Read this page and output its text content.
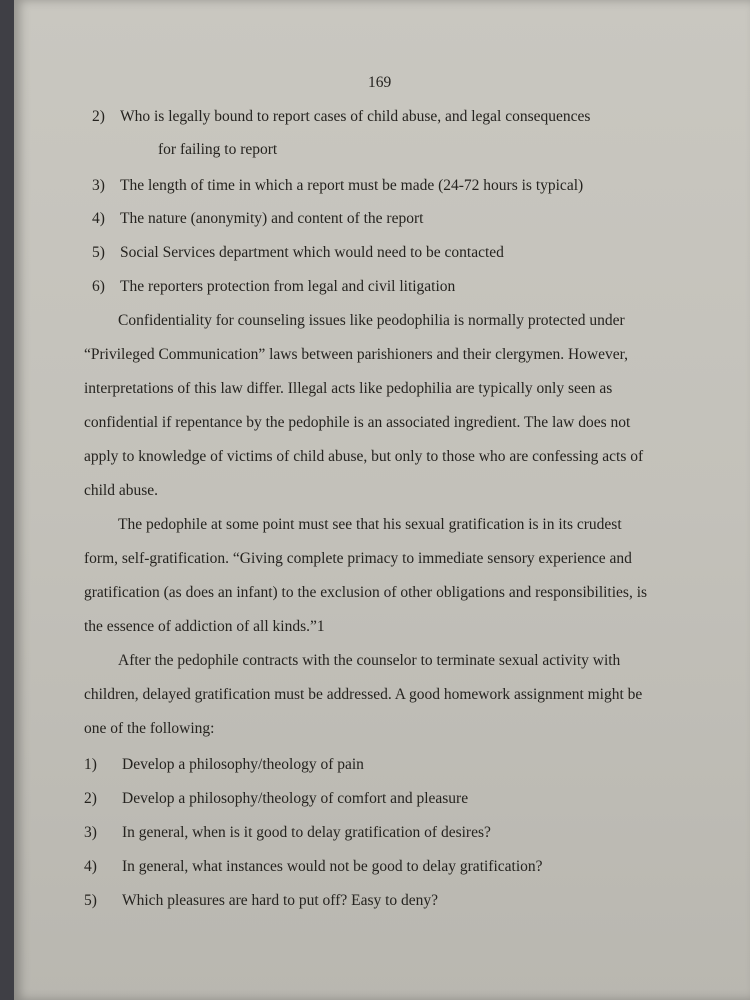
169
2) Who is legally bound to report cases of child abuse, and legal consequences
for failing to report
3) The length of time in which a report must be made (24-72 hours is typical)
4) The nature (anonymity) and content of the report
5) Social Services department which would need to be contacted
6) The reporters protection from legal and civil litigation
Confidentiality for counseling issues like peodophilia is normally protected under
“Privileged Communication” laws between parishioners and their clergymen. However,
interpretations of this law differ. Illegal acts like pedophilia are typically only seen as
confidential if repentance by the pedophile is an associated ingredient. The law does not
apply to knowledge of victims of child abuse, but only to those who are confessing acts of
child abuse.
The pedophile at some point must see that his sexual gratification is in its crudest
form, self-gratification. “Giving complete primacy to immediate sensory experience and
gratification (as does an infant) to the exclusion of other obligations and responsibilities, is
the essence of addiction of all kinds.”1
After the pedophile contracts with the counselor to terminate sexual activity with
children, delayed gratification must be addressed. A good homework assignment might be
one of the following:
1) Develop a philosophy/theology of pain
2) Develop a philosophy/theology of comfort and pleasure
3) In general, when is it good to delay gratification of desires?
4) In general, what instances would not be good to delay gratification?
5) Which pleasures are hard to put off? Easy to deny?
